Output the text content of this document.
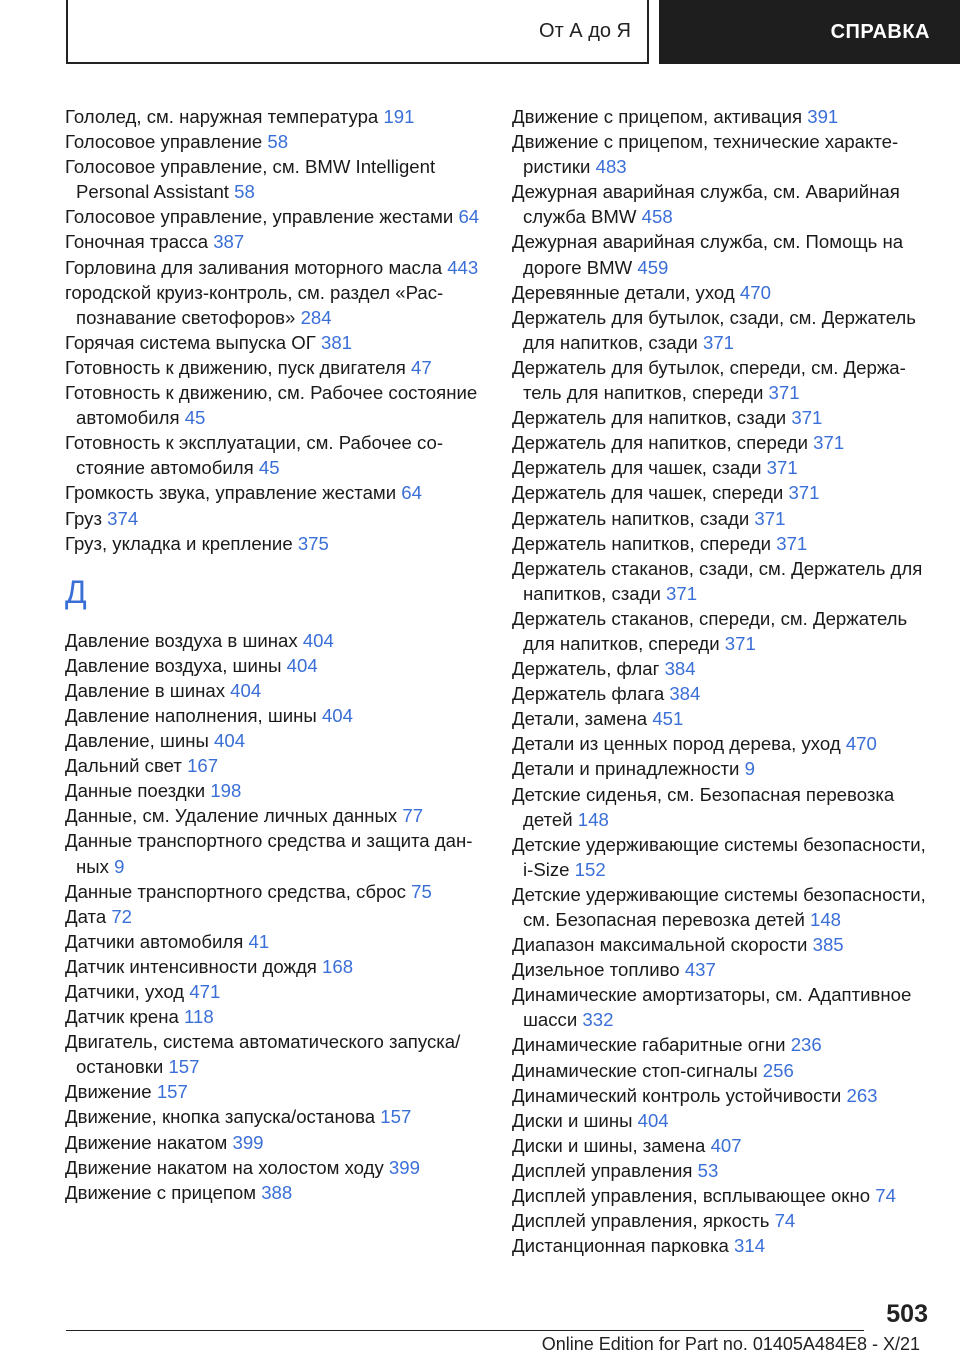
От А до Я	СПРАВКА
Гололед, см. наружная температура 191
Голосовое управление 58
Голосовое управление, см. BMW Intelligent Personal Assistant 58
Голосовое управление, управление жестами 64
Гоночная трасса 387
Горловина для заливания моторного масла 443
городской круиз-контроль, см. раздел «Распознавание светофоров» 284
Горячая система выпуска ОГ 381
Готовность к движению, пуск двигателя 47
Готовность к движению, см. Рабочее состояние автомобиля 45
Готовность к эксплуатации, см. Рабочее состояние автомобиля 45
Громкость звука, управление жестами 64
Груз 374
Груз, укладка и крепление 375
Д
Давление воздуха в шинах 404
Давление воздуха, шины 404
Давление в шинах 404
Давление наполнения, шины 404
Давление, шины 404
Дальний свет 167
Данные поездки 198
Данные, см. Удаление личных данных 77
Данные транспортного средства и защита данных 9
Данные транспортного средства, сброс 75
Дата 72
Датчики автомобиля 41
Датчик интенсивности дождя 168
Датчики, уход 471
Датчик крена 118
Двигатель, система автоматического запуска/ остановки 157
Движение 157
Движение, кнопка запуска/останова 157
Движение накатом 399
Движение накатом на холостом ходу 399
Движение с прицепом 388
Движение с прицепом, активация 391
Движение с прицепом, технические характеристики 483
Дежурная аварийная служба, см. Аварийная служба BMW 458
Дежурная аварийная служба, см. Помощь на дороге BMW 459
Деревянные детали, уход 470
Держатель для бутылок, сзади, см. Держатель для напитков, сзади 371
Держатель для бутылок, спереди, см. Держатель для напитков, спереди 371
Держатель для напитков, сзади 371
Держатель для напитков, спереди 371
Держатель для чашек, сзади 371
Держатель для чашек, спереди 371
Держатель напитков, сзади 371
Держатель напитков, спереди 371
Держатель стаканов, сзади, см. Держатель для напитков, сзади 371
Держатель стаканов, спереди, см. Держатель для напитков, спереди 371
Держатель, флаг 384
Держатель флага 384
Детали, замена 451
Детали из ценных пород дерева, уход 470
Детали и принадлежности 9
Детские сиденья, см. Безопасная перевозка детей 148
Детские удерживающие системы безопасности, i-Size 152
Детские удерживающие системы безопасности, см. Безопасная перевозка детей 148
Диапазон максимальной скорости 385
Дизельное топливо 437
Динамические амортизаторы, см. Адаптивное шасси 332
Динамические габаритные огни 236
Динамические стоп-сигналы 256
Динамический контроль устойчивости 263
Диски и шины 404
Диски и шины, замена 407
Дисплей управления 53
Дисплей управления, всплывающее окно 74
Дисплей управления, яркость 74
Дистанционная парковка 314
503
Online Edition for Part no. 01405A484E8 - X/21
